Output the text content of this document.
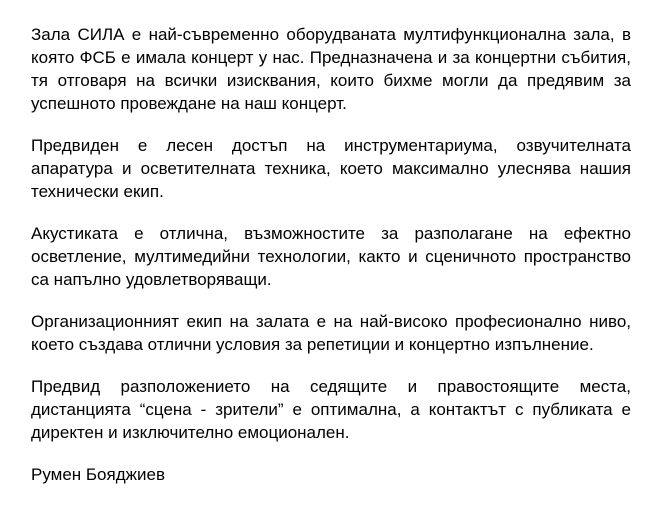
Зала СИЛА е най-съвременно оборудваната мултифункционална зала, в която ФСБ е имала концерт у нас. Предназначена и за концертни събития, тя отговаря на всички изисквания, които бихме могли да предявим за успешното провеждане на наш концерт.

Предвиден е лесен достъп на инструментариума, озвучителната апаратура и осветителната техника, което максимално улеснява нашия технически екип.

Акустиката е отлична, възможностите за разполагане на ефектно осветление, мултимедийни технологии, както и сценичното пространство са напълно удовлетворяващи.

Организационният екип на залата е на най-високо професионално ниво, което създава отлични условия за репетиции и концертно изпълнение.

Предвид разположението на седящите и правостоящите места, дистанцията “сцена - зрители” е оптимална, а контактът с публиката е директен и изключително емоционален.

Румен Бояджиев
